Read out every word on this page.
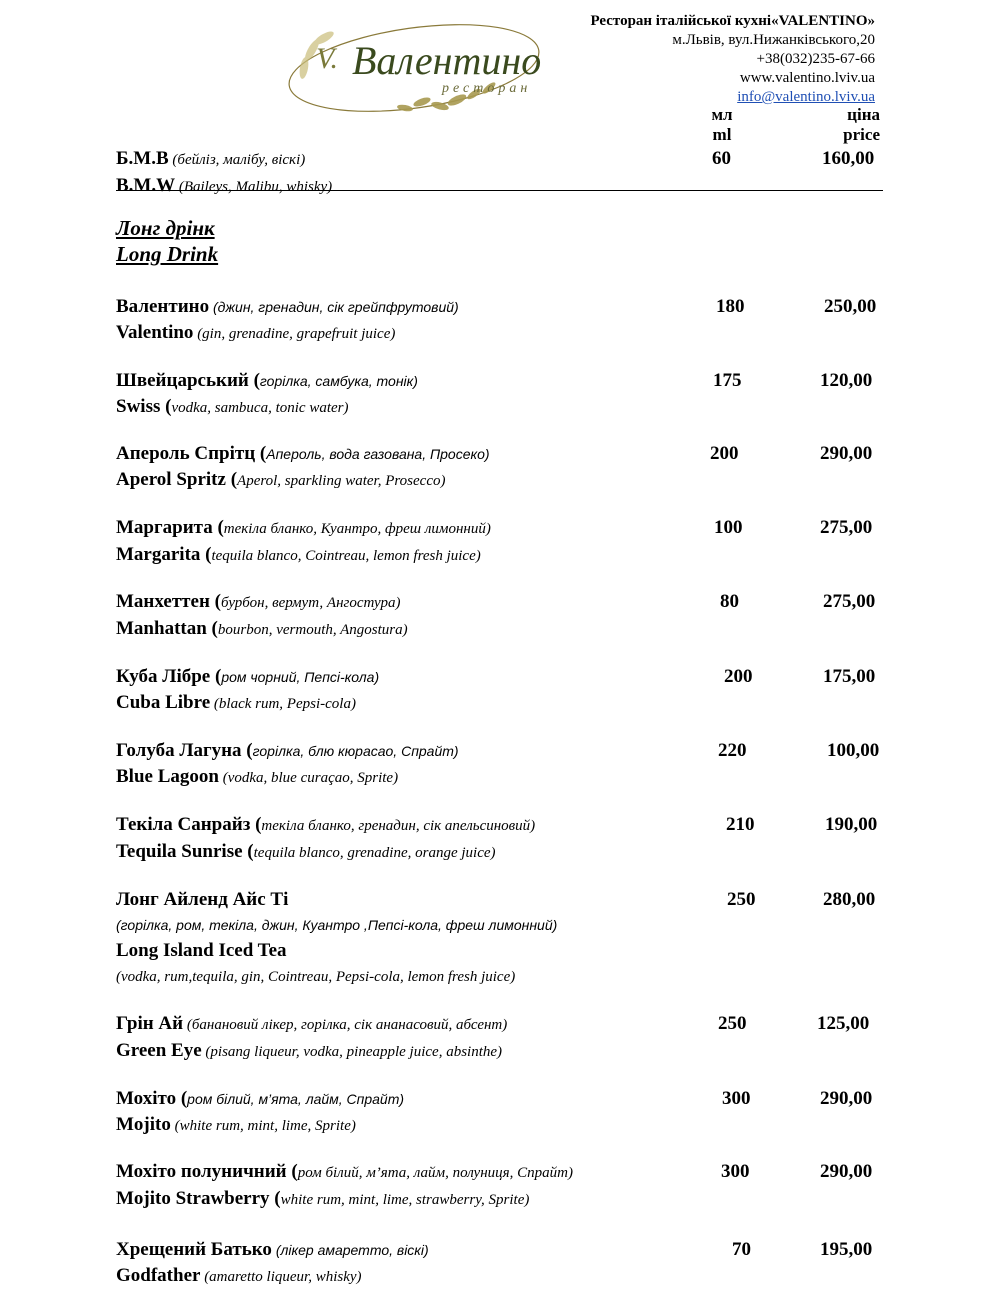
V. Валентино
ресторан
Ресторан італійської кухні«VALENTINO»
м.Львів, вул.Нижанківського,20
+38(032)235-67-66
www.valentino.lviv.ua
info@valentino.lviv.ua
мл
ml
ціна
price
Б.М.В (бейліз, малібу, віскі)
B.M.W (Baileys, Malibu, whisky)
60	160,00
Лонг дрінк
Long Drink
Валентино (джин, гренадин, сік грейпфрутовий)
Valentino (gin, grenadine, grapefruit juice)
180	250,00
Швейцарський (горілка, самбука, тонік)
Swiss (vodka, sambuca, tonic water)
175	120,00
Апероль Спрітц (Апероль, вода газована, Просеко)
Aperol Spritz (Aperol, sparkling water, Prosecco)
200	290,00
Маргарита (текіла бланко, Куантро, фреш лимонний)
Margarita (tequila blanco, Cointreau, lemon fresh juice)
100	275,00
Манхеттен (бурбон, вермут, Ангостура)
Manhattan (bourbon, vermouth, Angostura)
80	275,00
Куба Лібре (ром чорний, Пепсі-кола)
Cuba Libre (black rum, Pepsi-cola)
200	175,00
Голуба Лагуна (горілка, блю кюрасао, Спрайт)
Blue Lagoon (vodka, blue curaçao, Sprite)
220	100,00
Текіла Санрайз (текіла бланко, гренадин, сік апельсиновий)
Tequila Sunrise (tequila blanco, grenadine, orange juice)
210	190,00
Лонг Айленд Айс Ті
(горілка, ром, текіла, джин, Куантро ,Пепсі-кола, фреш лимонний)
Long Island Iced Tea
(vodka, rum,tequila, gin, Cointreau, Pepsi-cola, lemon fresh juice)
250	280,00
Грін Ай (банановий лікер, горілка, сік ананасовий, абсент)
Green Eye (pisang liqueur, vodka, pineapple juice, absinthe)
250	125,00
Мохіто (ром білий, м’ята, лайм, Спрайт)
Mojito (white rum, mint, lime, Sprite)
300	290,00
Мохіто полуничний (ром білий, м’ята, лайм, полуниця, Спрайт)
Mojito Strawberry (white rum, mint, lime, strawberry, Sprite)
300	290,00
Хрещений Батько (лікер амаретто, віскі)
Godfather (amaretto liqueur, whisky)
70	195,00
